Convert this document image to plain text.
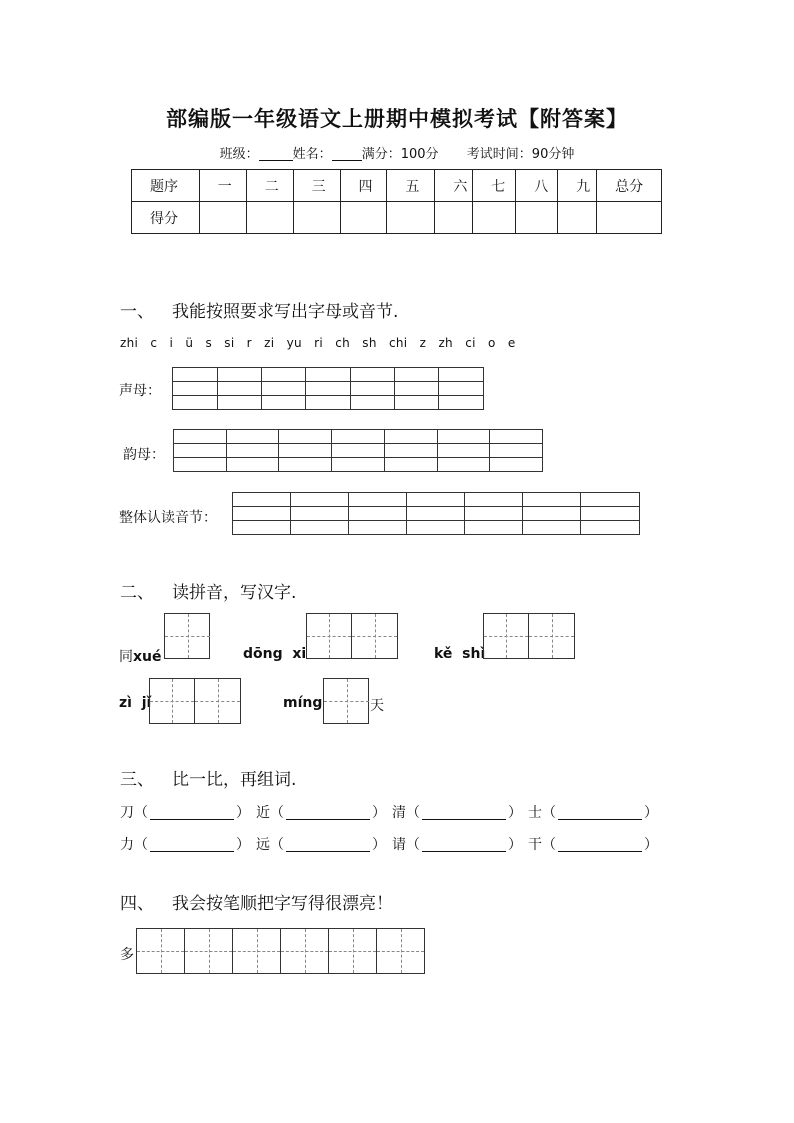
部编版一年级语文上册期中模拟考试【附答案】
班级：	姓名： 满分：100分 考试时间：90分钟
题序	一	二	三	四	五	六	七	八	九	总分
得分										
一、 我能按照要求写出字母或音节.
zhi  c  i  ü  s  si  r  zi  yu  ri  ch  sh  chi  z  zh  ci  o  e
声母：
韵母：
整体认读音节：
二、 读拼音，写汉字.
同xué	dōng  xi	kě  shì
zì  jǐ	míng	天
三、 比一比，再组词.
刀（	） 近（	） 清（	） 士（	）
力（	） 远（	） 请（	） 干（	）
四、 我会按笔顺把字写得很漂亮！
多
